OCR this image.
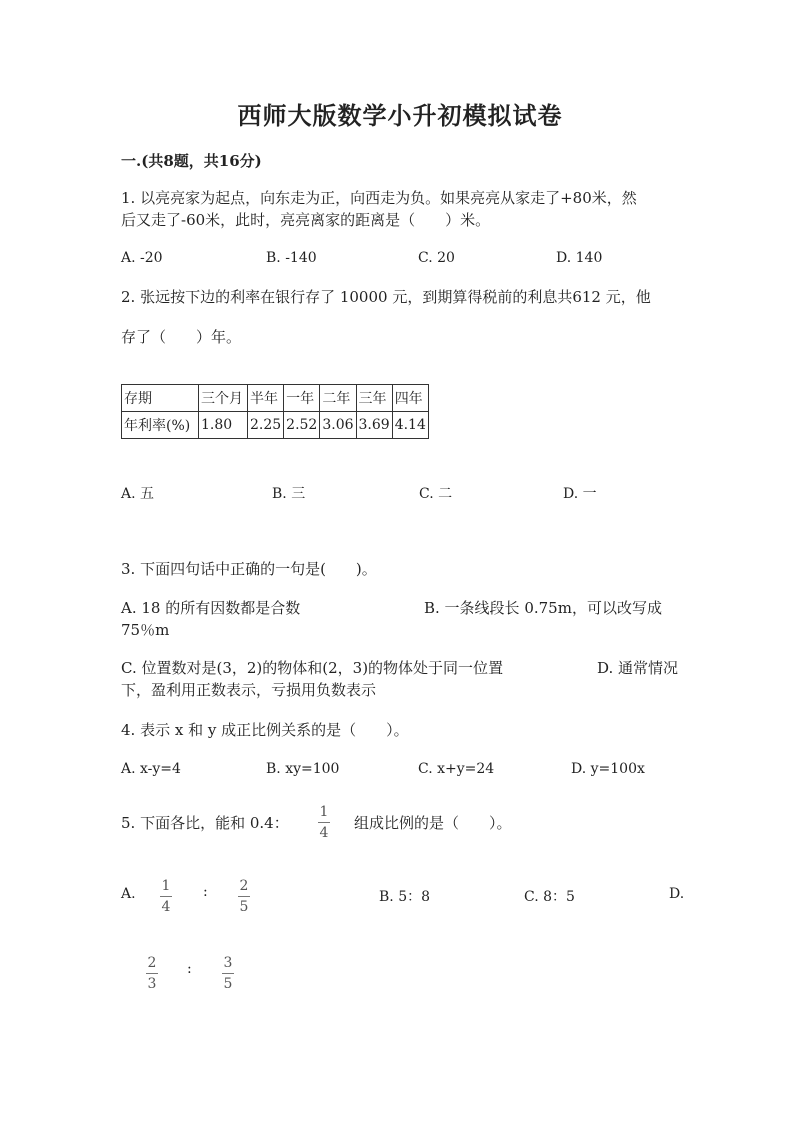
西师大版数学小升初模拟试卷
一.(共8题，共16分)
1. 以亮亮家为起点，向东走为正，向西走为负。如果亮亮从家走了+80米，然
后又走了-60米，此时，亮亮离家的距离是（　　）米。
A. -20	B. -140	C. 20	D. 140
2. 张远按下边的利率在银行存了 10000 元，到期算得税前的利息共612 元，他
存了（　　）年。
存期	三个月	半年	一年	二年	三年	四年
年利率(%)	1.80	2.25	2.52	3.06	3.69	4.14
A. 五	B. 三	C. 二	D. 一
3. 下面四句话中正确的一句是(　　)。
A. 18 的所有因数都是合数	B. 一条线段长 0.75m，可以改写成
75％m
C. 位置数对是(3，2)的物体和(2，3)的物体处于同一位置	D. 通常情况
下，盈利用正数表示，亏损用负数表示
4. 表示 x 和 y 成正比例关系的是（　　）。
A. x-y=4	B. xy=100	C. x+y=24	D. y=100x
5. 下面各比，能和 0.4：
1
4
组成比例的是（　　）。
A. 1
4
: 2
5
B. 5：8	C. 8：5	D.
2
3
: 3
5
